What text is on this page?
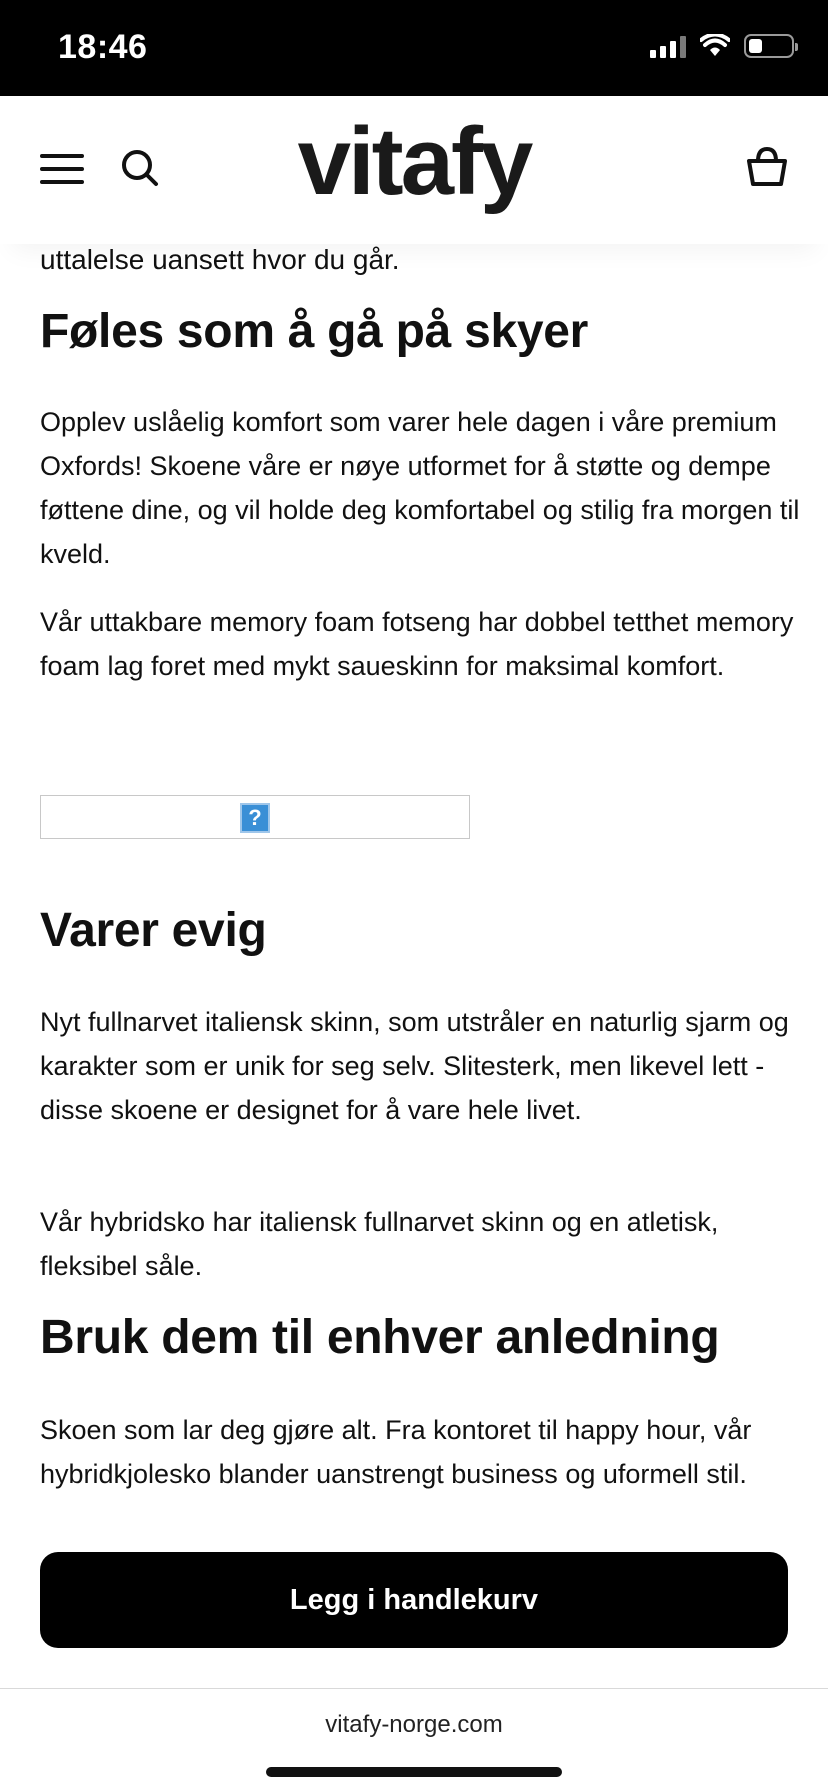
18:46
vitafy
uttalelse uansett hvor du går.
Føles som å gå på skyer

Opplev uslåelig komfort som varer hele dagen i våre premium Oxfords! Skoene våre er nøye utformet for å støtte og dempe føttene dine, og vil holde deg komfortabel og stilig fra morgen til kveld.

Vår uttakbare memory foam fotseng har dobbel tetthet memory foam lag foret med mykt saueskinn for maksimal komfort.

?
Varer evig

Nyt fullnarvet italiensk skinn, som utstråler en naturlig sjarm og karakter som er unik for seg selv. Slitesterk, men likevel lett - disse skoene er designet for å vare hele livet.

Vår hybridsko har italiensk fullnarvet skinn og en atletisk, fleksibel såle.

Bruk dem til enhver anledning

Skoen som lar deg gjøre alt. Fra kontoret til happy hour, vår hybridkjolesko blander uanstrengt business og uformell stil.

Legg i handlekurv
vitafy-norge.com
